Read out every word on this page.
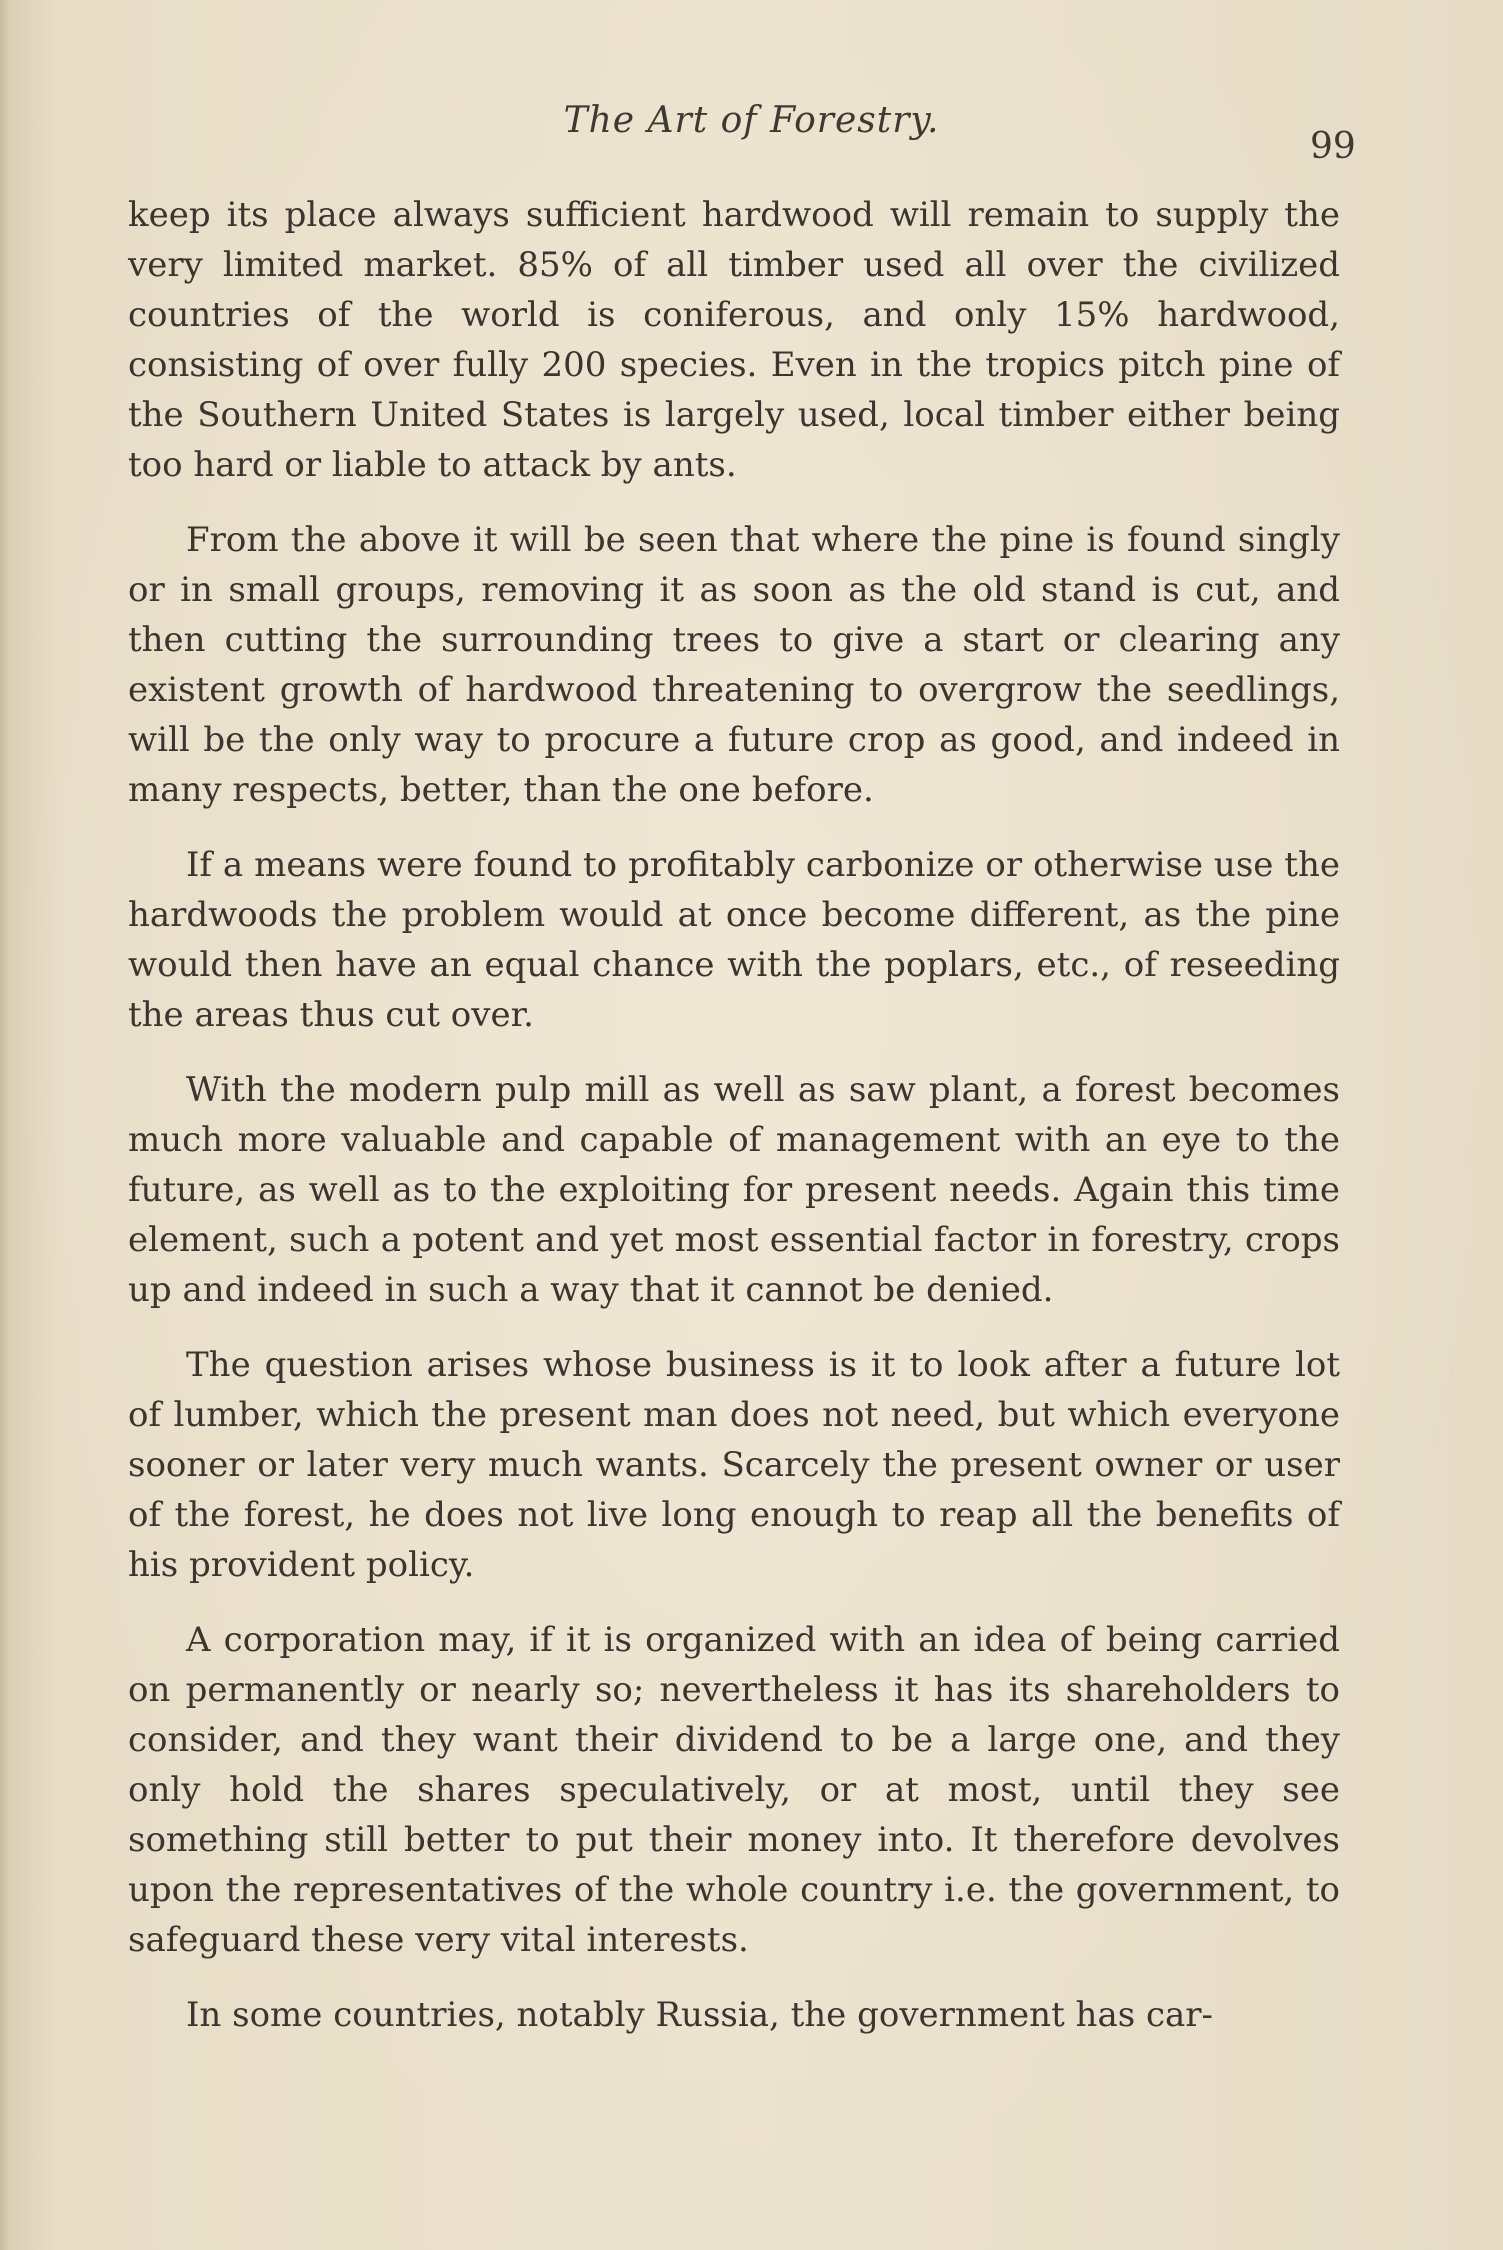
The Art of Forestry.
99

keep its place always sufficient hardwood will remain to supply the very limited market. 85% of all timber used all over the civilized countries of the world is coniferous, and only 15% hardwood, consisting of over fully 200 species. Even in the tropics pitch pine of the Southern United States is largely used, local timber either being too hard or liable to attack by ants.

From the above it will be seen that where the pine is found singly or in small groups, removing it as soon as the old stand is cut, and then cutting the surrounding trees to give a start or clearing any existent growth of hardwood threatening to overgrow the seedlings, will be the only way to procure a future crop as good, and indeed in many respects, better, than the one before.

If a means were found to profitably carbonize or otherwise use the hardwoods the problem would at once become different, as the pine would then have an equal chance with the poplars, etc., of reseeding the areas thus cut over.

With the modern pulp mill as well as saw plant, a forest becomes much more valuable and capable of management with an eye to the future, as well as to the exploiting for present needs. Again this time element, such a potent and yet most essential factor in forestry, crops up and indeed in such a way that it cannot be denied.

The question arises whose business is it to look after a future lot of lumber, which the present man does not need, but which everyone sooner or later very much wants. Scarcely the present owner or user of the forest, he does not live long enough to reap all the benefits of his provident policy.

A corporation may, if it is organized with an idea of being carried on permanently or nearly so; nevertheless it has its shareholders to consider, and they want their dividend to be a large one, and they only hold the shares speculatively, or at most, until they see something still better to put their money into. It therefore devolves upon the representatives of the whole country i.e. the government, to safeguard these very vital interests.

In some countries, notably Russia, the government has car-
